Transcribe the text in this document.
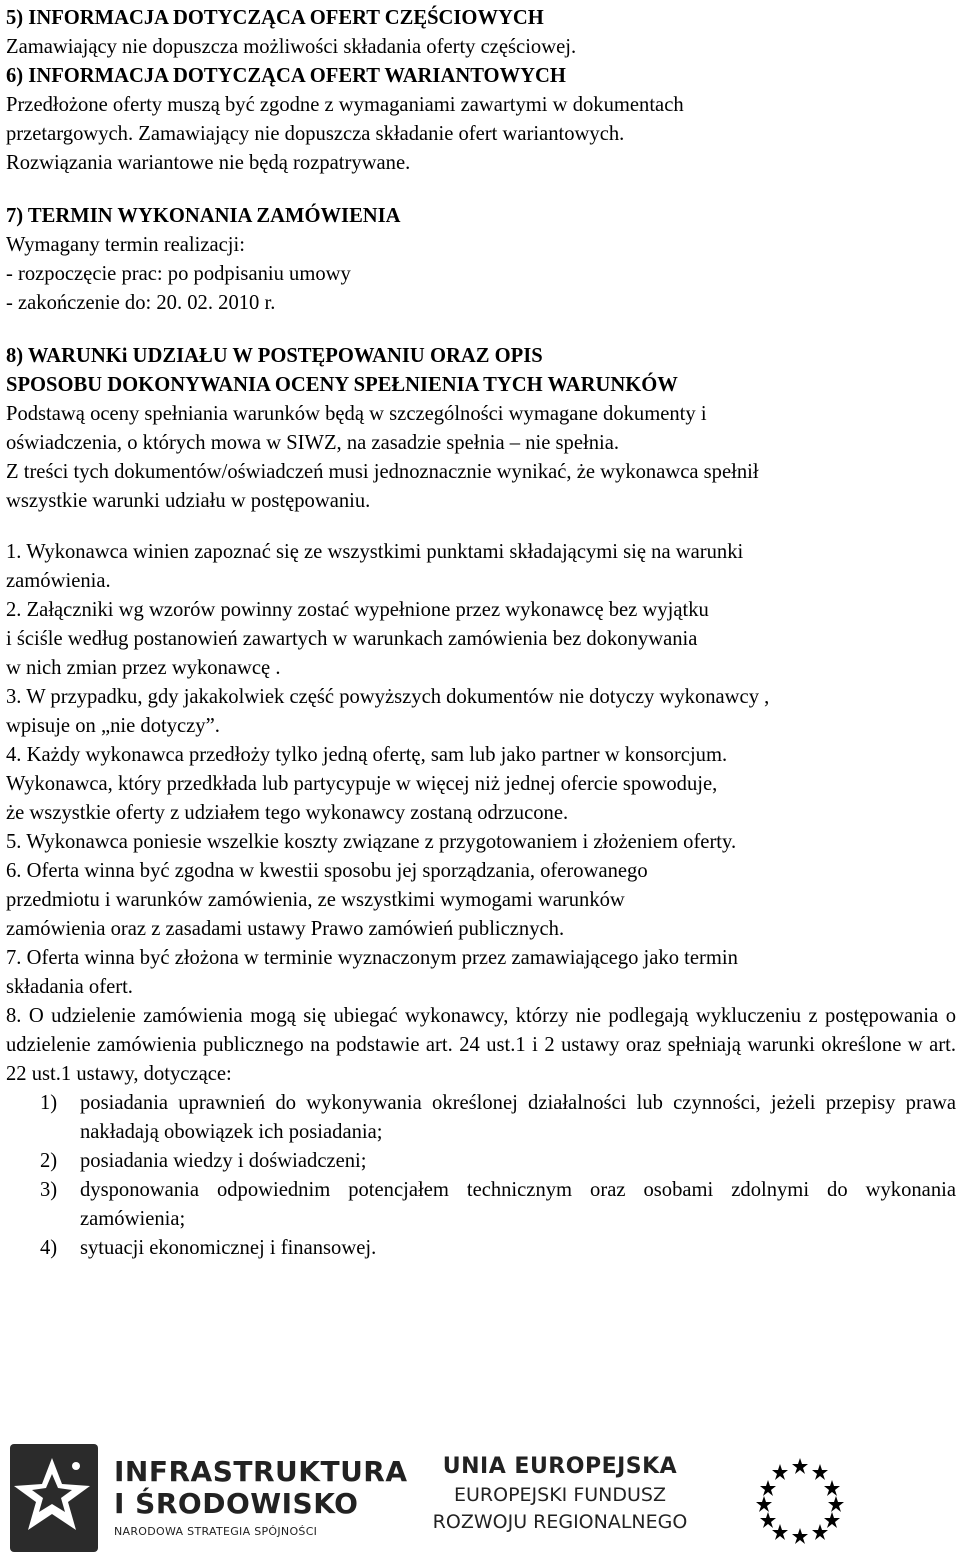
5) INFORMACJA DOTYCZĄCA OFERT CZĘŚCIOWYCH
Zamawiający nie dopuszcza możliwości składania oferty częściowej.
6) INFORMACJA DOTYCZĄCA OFERT WARIANTOWYCH
Przedłożone oferty muszą być zgodne z wymaganiami zawartymi w dokumentach
przetargowych. Zamawiający nie dopuszcza składanie ofert wariantowych.
Rozwiązania wariantowe nie będą rozpatrywane.
7) TERMIN WYKONANIA ZAMÓWIENIA
Wymagany termin realizacji:
- rozpoczęcie prac: po podpisaniu umowy
- zakończenie do: 20. 02. 2010 r.
8) WARUNKi UDZIAŁU W POSTĘPOWANIU ORAZ OPIS
SPOSOBU DOKONYWANIA OCENY SPEŁNIENIA TYCH WARUNKÓW
Podstawą oceny spełniania warunków będą w szczególności wymagane dokumenty i
oświadczenia, o których mowa w SIWZ, na zasadzie spełnia – nie spełnia.
Z treści tych dokumentów/oświadczeń musi jednoznacznie wynikać, że wykonawca spełnił
wszystkie warunki udziału w postępowaniu.
1. Wykonawca winien zapoznać się ze wszystkimi punktami składającymi się na warunki
zamówienia.
2. Załączniki wg wzorów powinny zostać wypełnione przez wykonawcę bez wyjątku
i ściśle według postanowień zawartych w warunkach zamówienia bez dokonywania
w nich zmian przez wykonawcę .
3. W przypadku, gdy jakakolwiek część powyższych dokumentów nie dotyczy wykonawcy ,
wpisuje on „nie dotyczy”.
4. Każdy wykonawca przedłoży tylko jedną ofertę, sam lub jako partner w konsorcjum.
Wykonawca, który przedkłada lub partycypuje w więcej niż jednej ofercie spowoduje,
że wszystkie oferty z udziałem tego wykonawcy zostaną odrzucone.
5. Wykonawca poniesie wszelkie koszty związane z przygotowaniem i złożeniem oferty.
6. Oferta winna być zgodna w kwestii sposobu jej sporządzania, oferowanego
przedmiotu i warunków zamówienia, ze wszystkimi wymogami warunków
zamówienia oraz z zasadami ustawy Prawo zamówień publicznych.
7. Oferta winna być złożona w terminie wyznaczonym przez zamawiającego jako termin
składania ofert.
8. O udzielenie zamówienia mogą się ubiegać wykonawcy, którzy nie podlegają wykluczeniu z postępowania o udzielenie zamówienia publicznego na podstawie art. 24 ust.1 i 2 ustawy oraz spełniają warunki określone w art. 22 ust.1 ustawy, dotyczące:
1) posiadania uprawnień do wykonywania określonej działalności lub czynności, jeżeli przepisy prawa nakładają obowiązek ich posiadania;
2) posiadania wiedzy i doświadczeni;
3) dysponowania odpowiednim potencjałem technicznym oraz osobami zdolnymi do wykonania zamówienia;
4) sytuacji ekonomicznej i finansowej.
INFRASTRUKTURA
I ŚRODOWISKO
NARODOWA STRATEGIA SPÓJNOŚCI
UNIA EUROPEJSKA
EUROPEJSKI FUNDUSZ
ROZWOJU REGIONALNEGO
